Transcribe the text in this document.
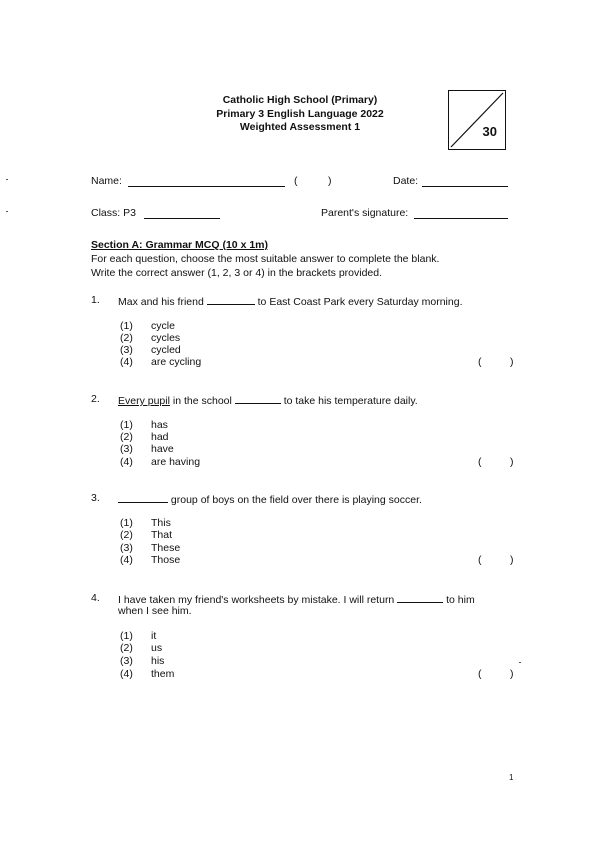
Catholic High School (Primary)
Primary 3 English Language 2022
Weighted Assessment 1	30
Name:	(	)	Date:
Class: P3	Parent's signature:
Section A: Grammar MCQ (10 x 1m)
For each question, choose the most suitable answer to complete the blank.
Write the correct answer (1, 2, 3 or 4) in the brackets provided.
1. Max and his friend	to East Coast Park every Saturday morning.
(1)	cycle
(2)	cycles
(3)	cycled
(4)	are cycling	(	)
2. Every pupil in the school	to take his temperature daily.
(1)	has
(2)	had
(3)	have
(4)	are having	(	)
3.	group of boys on the field over there is playing soccer.
(1)	This
(2)	That
(3)	These
(4)	Those	(	)
4. I have taken my friend's worksheets by mistake. I will return	to him
when I see him.
(1)	it
(2)	us
(3)	his
(4)	them	(	)
1
